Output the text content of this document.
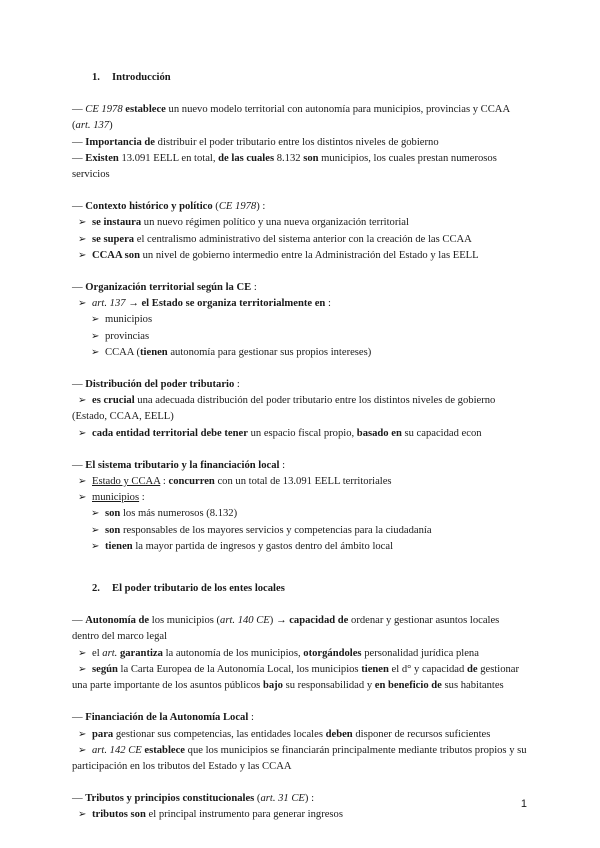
1. Introducción

— CE 1978 establece un nuevo modelo territorial con autonomía para municipios, provincias y CCAA (art. 137)

— Importancia de distribuir el poder tributario entre los distintos niveles de gobierno

— Existen 13.091 EELL en total, de las cuales 8.132 son municipios, los cuales prestan numerosos servicios

— Contexto histórico y político (CE 1978) :

➢ se instaura un nuevo régimen político y una nueva organización territorial
➢ se supera el centralismo administrativo del sistema anterior con la creación de las CCAA
➢ CCAA son un nivel de gobierno intermedio entre la Administración del Estado y las EELL

— Organización territorial según la CE :

➢ art. 137 → el Estado se organiza territorialmente en :
➢ municipios
➢ provincias
➢ CCAA (tienen autonomía para gestionar sus propios intereses)

— Distribución del poder tributario :

➢ es crucial una adecuada distribución del poder tributario entre los distintos niveles de gobierno (Estado, CCAA, EELL)
➢ cada entidad territorial debe tener un espacio fiscal propio, basado en su capacidad econ

— El sistema tributario y la financiación local :

➢ Estado y CCAA : concurren con un total de 13.091 EELL territoriales
➢ municipios :
➢ son los más numerosos (8.132)
➢ son responsables de los mayores servicios y competencias para la ciudadanía
➢ tienen la mayor partida de ingresos y gastos dentro del ámbito local

2. El poder tributario de los entes locales

— Autonomía de los municipios (art. 140 CE) → capacidad de ordenar y gestionar asuntos locales dentro del marco legal

➢ el art. garantiza la autonomía de los municipios, otorgándoles personalidad jurídica plena
➢ según la Carta Europea de la Autonomía Local, los municipios tienen el d° y capacidad de gestionar una parte importante de los asuntos públicos bajo su responsabilidad y en beneficio de sus habitantes

— Financiación de la Autonomía Local :

➢ para gestionar sus competencias, las entidades locales deben disponer de recursos suficientes
➢ art. 142 CE establece que los municipios se financiarán principalmente mediante tributos propios y su participación en los tributos del Estado y las CCAA

— Tributos y principios constitucionales (art. 31 CE) :

➢ tributos son el principal instrumento para generar ingresos
1
